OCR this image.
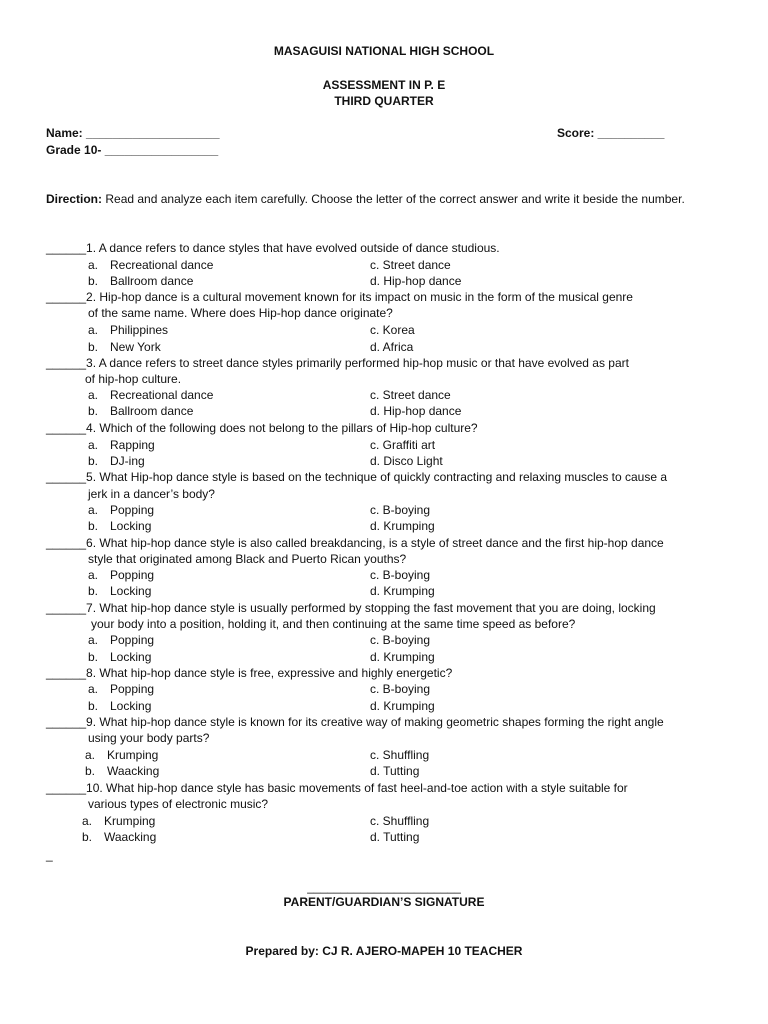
MASAGUISI NATIONAL HIGH SCHOOL
ASSESSMENT IN P. E
THIRD QUARTER
Name: ____________________	Score: __________
Grade 10- _________________
Direction: Read and analyze each item carefully. Choose the letter of the correct answer and write it beside the number.
______1. A dance refers to dance styles that have evolved outside of dance studious.
a. Recreational dance
b. Ballroom dance
c. Street dance
d. Hip-hop dance
______2. Hip-hop dance is a cultural movement known for its impact on music in the form of the musical genre
of the same name. Where does Hip-hop dance originate?
a. Philippines
b. New York
c. Korea
d. Africa
______3. A dance refers to street dance styles primarily performed hip-hop music or that have evolved as part
of hip-hop culture.
a. Recreational dance
b. Ballroom dance
c. Street dance
d. Hip-hop dance
______4. Which of the following does not belong to the pillars of Hip-hop culture?
a. Rapping
b. DJ-ing
c. Graffiti art
d. Disco Light
______5. What Hip-hop dance style is based on the technique of quickly contracting and relaxing muscles to cause a
jerk in a dancer’s body?
a. Popping
b. Locking
c. B-boying
d. Krumping
______6. What hip-hop dance style is also called breakdancing, is a style of street dance and the first hip-hop dance
style that originated among Black and Puerto Rican youths?
a. Popping
b. Locking
c. B-boying
d. Krumping
______7. What hip-hop dance style is usually performed by stopping the fast movement that you are doing, locking
your body into a position, holding it, and then continuing at the same time speed as before?
a. Popping
b. Locking
c. B-boying
d. Krumping
______8. What hip-hop dance style is free, expressive and highly energetic?
a. Popping
b. Locking
c. B-boying
d. Krumping
______9. What hip-hop dance style is known for its creative way of making geometric shapes forming the right angle
using your body parts?
a. Krumping
b. Waacking
c. Shuffling
d. Tutting
______10. What hip-hop dance style has basic movements of fast heel-and-toe action with a style suitable for
various types of electronic music?
a. Krumping
b. Waacking
c. Shuffling
d. Tutting
_
_______________________
PARENT/GUARDIAN’S SIGNATURE
Prepared by: CJ R. AJERO-MAPEH 10 TEACHER
